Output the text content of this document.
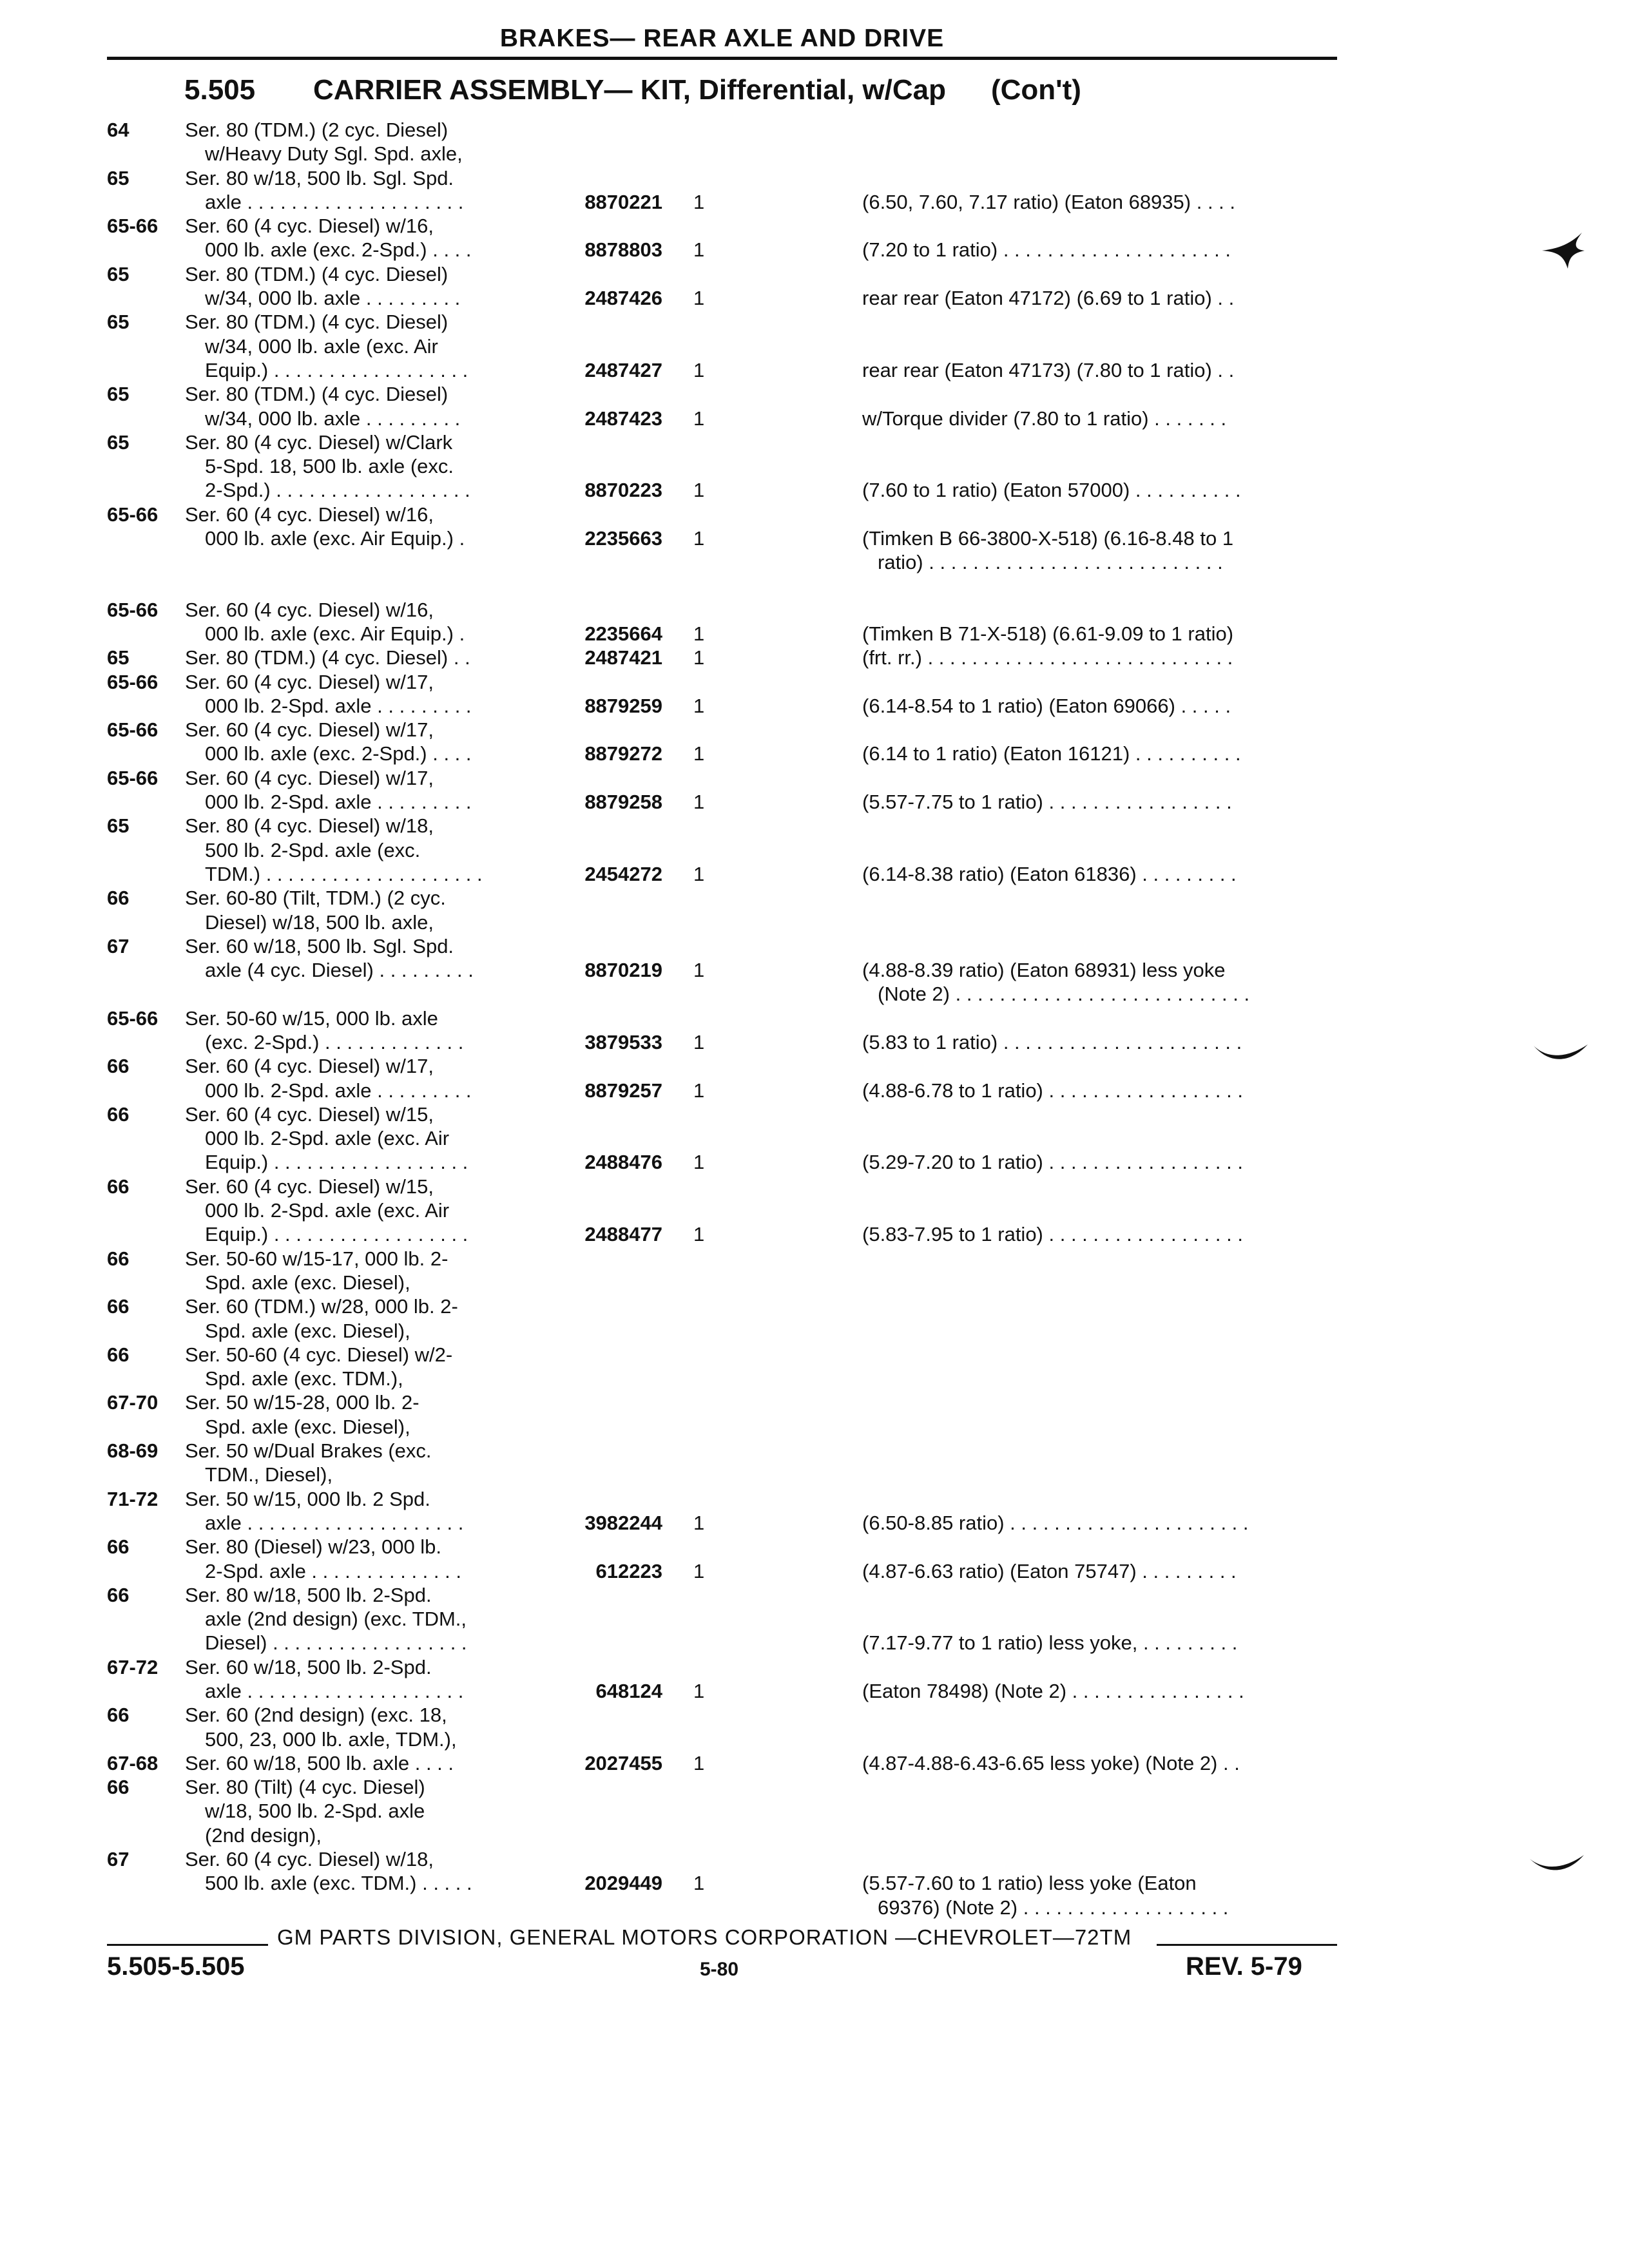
BRAKES— REAR AXLE AND DRIVE
5.505 CARRIER ASSEMBLY— KIT, Differential, w/Cap (Con't)
64	Ser. 80 (TDM.) (2 cyc. Diesel)
w/Heavy Duty Sgl. Spd. axle,
65	Ser. 80 w/18, 500 lb. Sgl. Spd.
axle . . . . . . . . . . . . . . . . . . . .	8870221 1	(6.50, 7.60, 7.17 ratio) (Eaton 68935) . . . .
65-66 Ser. 60 (4 cyc. Diesel) w/16,
000 lb. axle (exc. 2-Spd.) . . . .	8878803 1	(7.20 to 1 ratio) . . . . . . . . . . . . . . . . . . . . .
65	Ser. 80 (TDM.) (4 cyc. Diesel)
w/34, 000 lb. axle . . . . . . . . .	2487426 1	rear rear (Eaton 47172) (6.69 to 1 ratio) . .
65	Ser. 80 (TDM.) (4 cyc. Diesel)
w/34, 000 lb. axle (exc. Air
Equip.) . . . . . . . . . . . . . . . . . .	2487427 1	rear rear (Eaton 47173) (7.80 to 1 ratio) . .
65	Ser. 80 (TDM.) (4 cyc. Diesel)
w/34, 000 lb. axle . . . . . . . . .	2487423 1	w/Torque divider (7.80 to 1 ratio) . . . . . . .
65	Ser. 80 (4 cyc. Diesel) w/Clark
5-Spd. 18, 500 lb. axle (exc.
2-Spd.) . . . . . . . . . . . . . . . . . .	8870223 1	(7.60 to 1 ratio) (Eaton 57000) . . . . . . . . . .
65-66 Ser. 60 (4 cyc. Diesel) w/16,
000 lb. axle (exc. Air Equip.) .	2235663 1	(Timken B 66-3800-X-518) (6.16-8.48 to 1
ratio) . . . . . . . . . . . . . . . . . . . . . . . . . . .
65-66 Ser. 60 (4 cyc. Diesel) w/16,
000 lb. axle (exc. Air Equip.) .	2235664 1	(Timken B 71-X-518) (6.61-9.09 to 1 ratio)
65	Ser. 80 (TDM.) (4 cyc. Diesel) . .	2487421 1	(frt. rr.) . . . . . . . . . . . . . . . . . . . . . . . . . . . .
65-66 Ser. 60 (4 cyc. Diesel) w/17,
000 lb. 2-Spd. axle . . . . . . . . .	8879259 1	(6.14-8.54 to 1 ratio) (Eaton 69066) . . . . .
65-66 Ser. 60 (4 cyc. Diesel) w/17,
000 lb. axle (exc. 2-Spd.) . . . .	8879272 1	(6.14 to 1 ratio) (Eaton 16121) . . . . . . . . . .
65-66 Ser. 60 (4 cyc. Diesel) w/17,
000 lb. 2-Spd. axle . . . . . . . . .	8879258 1	(5.57-7.75 to 1 ratio) . . . . . . . . . . . . . . . . .
65	Ser. 80 (4 cyc. Diesel) w/18,
500 lb. 2-Spd. axle (exc.
TDM.) . . . . . . . . . . . . . . . . . . . .	2454272 1	(6.14-8.38 ratio) (Eaton 61836) . . . . . . . . .
66	Ser. 60-80 (Tilt, TDM.) (2 cyc.
Diesel) w/18, 500 lb. axle,
67	Ser. 60 w/18, 500 lb. Sgl. Spd.
axle (4 cyc. Diesel) . . . . . . . . .	8870219 1	(4.88-8.39 ratio) (Eaton 68931) less yoke
(Note 2) . . . . . . . . . . . . . . . . . . . . . . . . . . .
65-66 Ser. 50-60 w/15, 000 lb. axle
(exc. 2-Spd.) . . . . . . . . . . . . .	3879533 1	(5.83 to 1 ratio) . . . . . . . . . . . . . . . . . . . . . .
66	Ser. 60 (4 cyc. Diesel) w/17,
000 lb. 2-Spd. axle . . . . . . . . .	8879257 1	(4.88-6.78 to 1 ratio) . . . . . . . . . . . . . . . . . .
66	Ser. 60 (4 cyc. Diesel) w/15,
000 lb. 2-Spd. axle (exc. Air
Equip.) . . . . . . . . . . . . . . . . . .	2488476 1	(5.29-7.20 to 1 ratio) . . . . . . . . . . . . . . . . . .
66	Ser. 60 (4 cyc. Diesel) w/15,
000 lb. 2-Spd. axle (exc. Air
Equip.) . . . . . . . . . . . . . . . . . .	2488477 1	(5.83-7.95 to 1 ratio) . . . . . . . . . . . . . . . . . .
66	Ser. 50-60 w/15-17, 000 lb. 2-
Spd. axle (exc. Diesel),
66	Ser. 60 (TDM.) w/28, 000 lb. 2-
Spd. axle (exc. Diesel),
66	Ser. 50-60 (4 cyc. Diesel) w/2-
Spd. axle (exc. TDM.),
67-70 Ser. 50 w/15-28, 000 lb. 2-
Spd. axle (exc. Diesel),
68-69 Ser. 50 w/Dual Brakes (exc.
TDM., Diesel),
71-72 Ser. 50 w/15, 000 lb. 2 Spd.
axle . . . . . . . . . . . . . . . . . . . .	3982244 1	(6.50-8.85 ratio) . . . . . . . . . . . . . . . . . . . . . .
66	Ser. 80 (Diesel) w/23, 000 lb.
2-Spd. axle . . . . . . . . . . . . . .	612223 1	(4.87-6.63 ratio) (Eaton 75747) . . . . . . . . .
66	Ser. 80 w/18, 500 lb. 2-Spd.
axle (2nd design) (exc. TDM.,
Diesel) . . . . . . . . . . . . . . . . . .	(7.17-9.77 to 1 ratio) less yoke, . . . . . . . . .
67-72 Ser. 60 w/18, 500 lb. 2-Spd.
axle . . . . . . . . . . . . . . . . . . . .	648124 1	(Eaton 78498) (Note 2) . . . . . . . . . . . . . . . .
66	Ser. 60 (2nd design) (exc. 18,
500, 23, 000 lb. axle, TDM.),
67-68 Ser. 60 w/18, 500 lb. axle . . . .	2027455 1	(4.87-4.88-6.43-6.65 less yoke) (Note 2) . .
66	Ser. 80 (Tilt) (4 cyc. Diesel)
w/18, 500 lb. 2-Spd. axle
(2nd design),
67	Ser. 60 (4 cyc. Diesel) w/18,
500 lb. axle (exc. TDM.) . . . . .	2029449 1	(5.57-7.60 to 1 ratio) less yoke (Eaton
69376) (Note 2) . . . . . . . . . . . . . . . . . . .
GM PARTS DIVISION, GENERAL MOTORS CORPORATION —CHEVROLET—72TM
5.505-5.505	5-80	REV. 5-79
